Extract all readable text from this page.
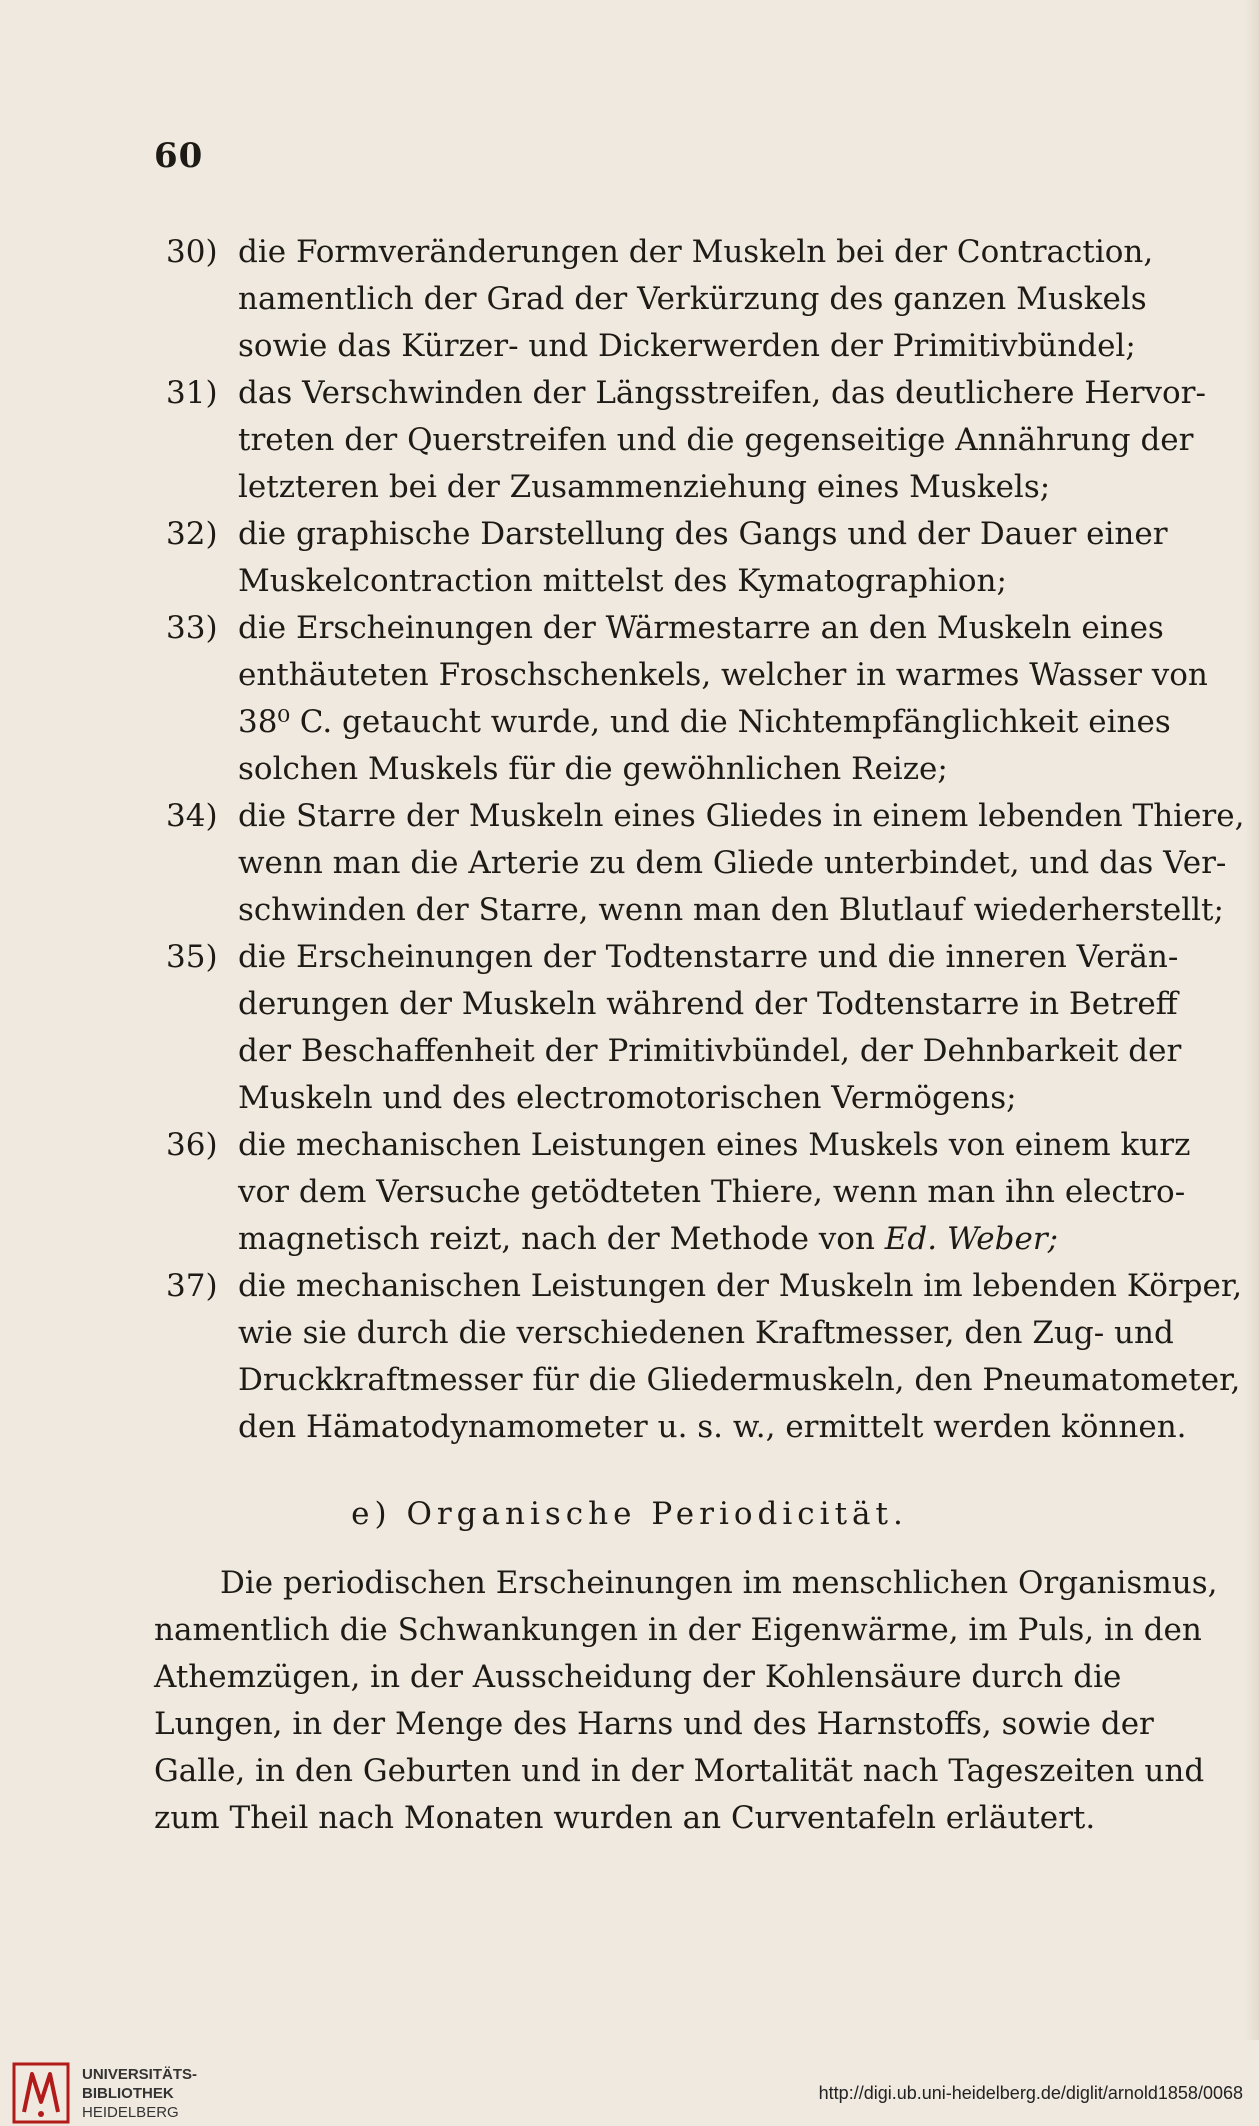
60
30) die Formveränderungen der Muskeln bei der Contraction,
namentlich der Grad der Verkürzung des ganzen Muskels
sowie das Kürzer- und Dickerwerden der Primitivbündel;
31) das Verschwinden der Längsstreifen, das deutlichere Hervor-
treten der Querstreifen und die gegenseitige Annährung der
letzteren bei der Zusammenziehung eines Muskels;
32) die graphische Darstellung des Gangs und der Dauer einer
Muskelcontraction mittelst des Kymatographion;
33) die Erscheinungen der Wärmestarre an den Muskeln eines
enthäuteten Froschschenkels, welcher in warmes Wasser von
38⁰ C. getaucht wurde, und die Nichtempfänglichkeit eines
solchen Muskels für die gewöhnlichen Reize;
34) die Starre der Muskeln eines Gliedes in einem lebenden Thiere,
wenn man die Arterie zu dem Gliede unterbindet, und das Ver-
schwinden der Starre, wenn man den Blutlauf wiederherstellt;
35) die Erscheinungen der Todtenstarre und die inneren Verän-
derungen der Muskeln während der Todtenstarre in Betreff
der Beschaffenheit der Primitivbündel, der Dehnbarkeit der
Muskeln und des electromotorischen Vermögens;
36) die mechanischen Leistungen eines Muskels von einem kurz
vor dem Versuche getödteten Thiere, wenn man ihn electro-
magnetisch reizt, nach der Methode von Ed. Weber;
37) die mechanischen Leistungen der Muskeln im lebenden Körper,
wie sie durch die verschiedenen Kraftmesser, den Zug- und
Druckkraftmesser für die Gliedermuskeln, den Pneumatometer,
den Hämatodynamometer u. s. w., ermittelt werden können.
e) Organische Periodicität.
Die periodischen Erscheinungen im menschlichen Organismus,
namentlich die Schwankungen in der Eigenwärme, im Puls, in den
Athemzügen, in der Ausscheidung der Kohlensäure durch die
Lungen, in der Menge des Harns und des Harnstoffs, sowie der
Galle, in den Geburten und in der Mortalität nach Tageszeiten und
zum Theil nach Monaten wurden an Curventafeln erläutert.
UNIVERSITÄTS-
BIBLIOTHEK
HEIDELBERG
http://digi.ub.uni-heidelberg.de/diglit/arnold1858/0068
